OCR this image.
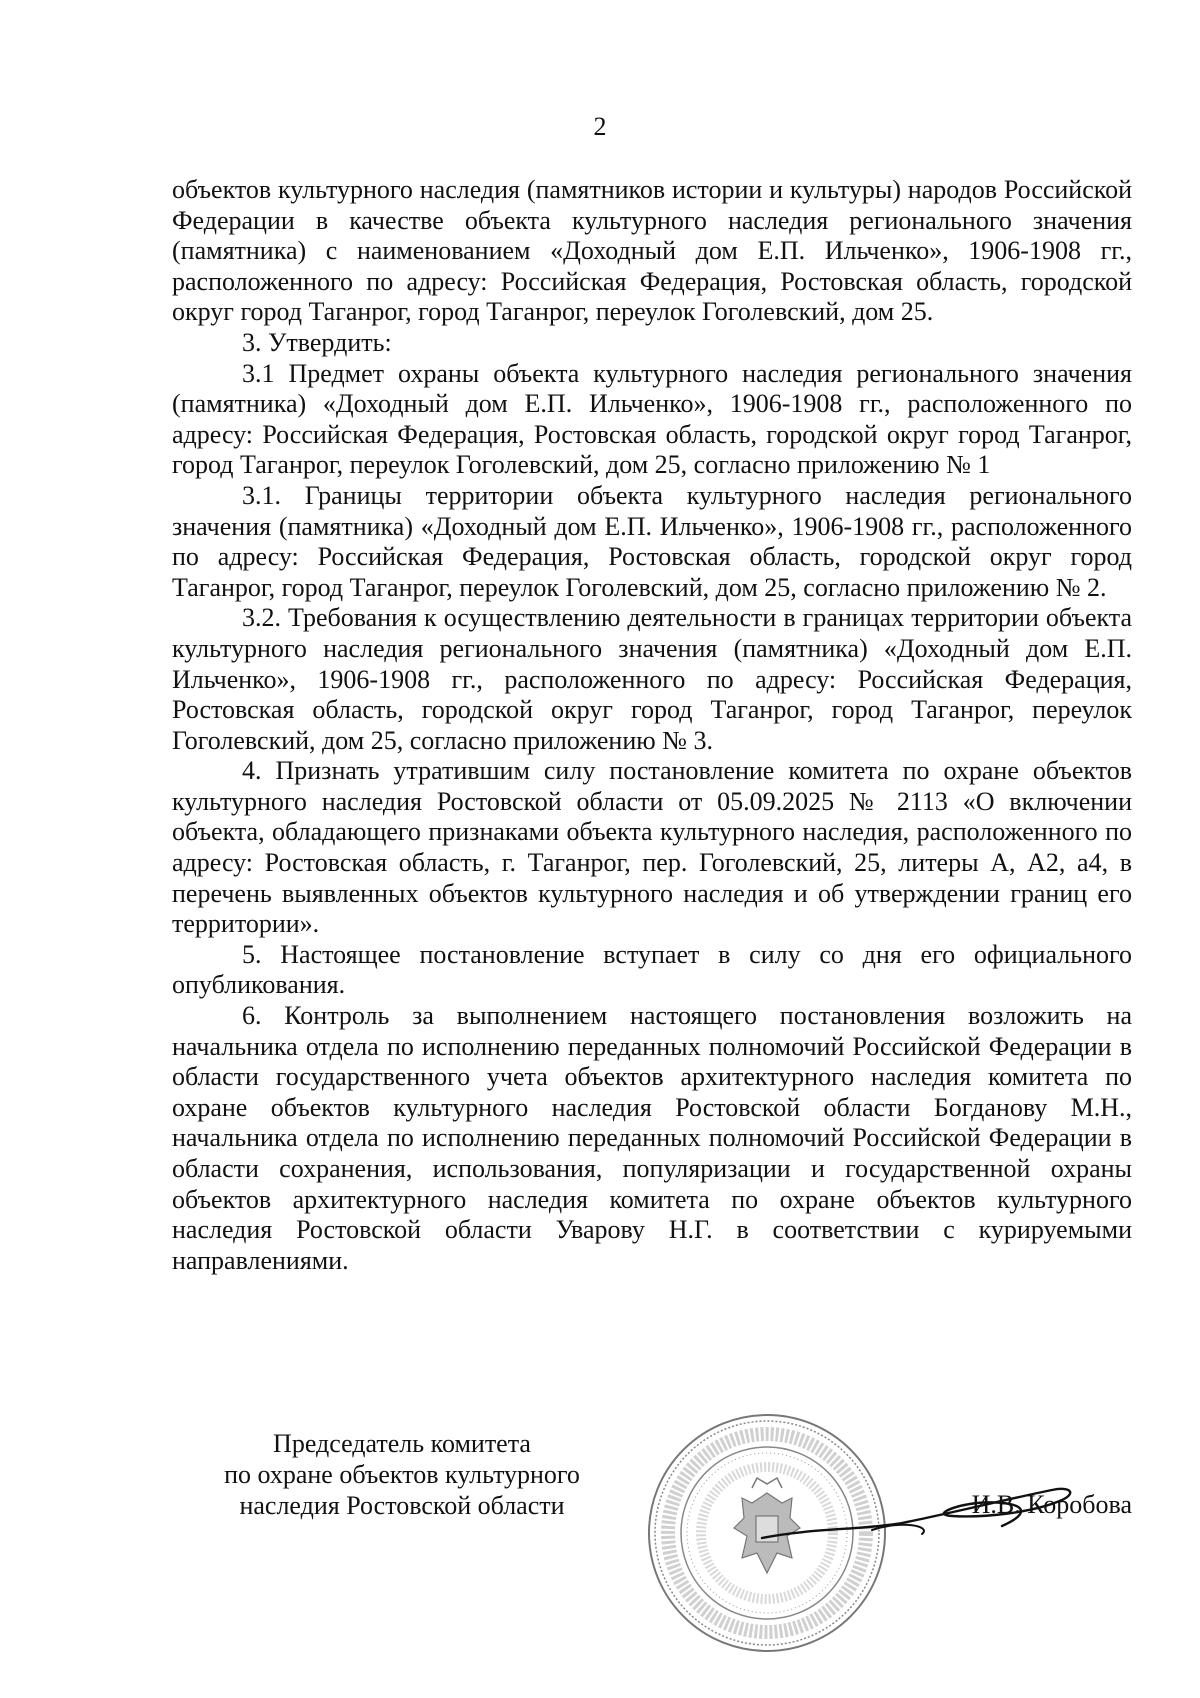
2

объектов культурного наследия (памятников истории и культуры) народов Российской Федерации в качестве объекта культурного наследия регионального значения (памятника) с наименованием «Доходный дом Е.П. Ильченко», 1906-1908 гг., расположенного по адресу: Российская Федерация, Ростовская область, городской округ город Таганрог, город Таганрог, переулок Гоголевский, дом 25.

3. Утвердить:

3.1 Предмет охраны объекта культурного наследия регионального значения (памятника) «Доходный дом Е.П. Ильченко», 1906-1908 гг., расположенного по адресу: Российская Федерация, Ростовская область, городской округ город Таганрог, город Таганрог, переулок Гоголевский, дом 25, согласно приложению № 1

3.1. Границы территории объекта культурного наследия регионального значения (памятника) «Доходный дом Е.П. Ильченко», 1906-1908 гг., расположенного по адресу: Российская Федерация, Ростовская область, городской округ город Таганрог, город Таганрог, переулок Гоголевский, дом 25, согласно приложению № 2.

3.2. Требования к осуществлению деятельности в границах территории объекта культурного наследия регионального значения (памятника) «Доходный дом Е.П. Ильченко», 1906-1908 гг., расположенного по адресу: Российская Федерация, Ростовская область, городской округ город Таганрог, город Таганрог, переулок Гоголевский, дом 25, согласно приложению № 3.

4. Признать утратившим силу постановление комитета по охране объектов культурного наследия Ростовской области от 05.09.2025 № 2113 «О включении объекта, обладающего признаками объекта культурного наследия, расположенного по адресу: Ростовская область, г. Таганрог, пер. Гоголевский, 25, литеры А, А2, а4, в перечень выявленных объектов культурного наследия и об утверждении границ его территории».

5. Настоящее постановление вступает в силу со дня его официального опубликования.

6. Контроль за выполнением настоящего постановления возложить на начальника отдела по исполнению переданных полномочий Российской Федерации в области государственного учета объектов архитектурного наследия комитета по охране объектов культурного наследия Ростовской области Богданову М.Н., начальника отдела по исполнению переданных полномочий Российской Федерации в области сохранения, использования, популяризации и государственной охраны объектов архитектурного наследия комитета по охране объектов культурного наследия Ростовской области Уварову Н.Г. в соответствии с курируемыми направлениями.

Председатель комитета
по охране объектов культурного
наследия Ростовской области	И.В. Коробова
